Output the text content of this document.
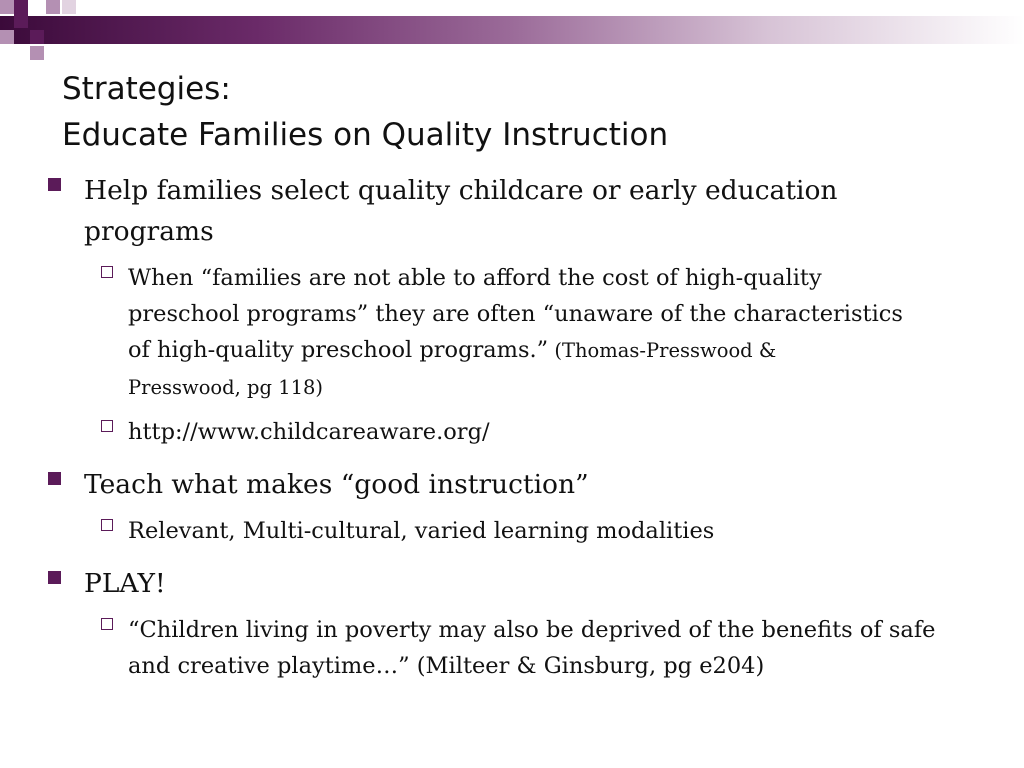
Strategies:
Educate Families on Quality Instruction
Help families select quality childcare or early education
programs
When “families are not able to afford the cost of high-quality
preschool programs” they are often “unaware of the characteristics
of high-quality preschool programs.” (Thomas-Presswood &
Presswood, pg 118)
http://www.childcareaware.org/
Teach what makes “good instruction”
Relevant, Multi-cultural, varied learning modalities
PLAY!
“Children living in poverty may also be deprived of the benefits of safe
and creative playtime…” (Milteer & Ginsburg, pg e204)
